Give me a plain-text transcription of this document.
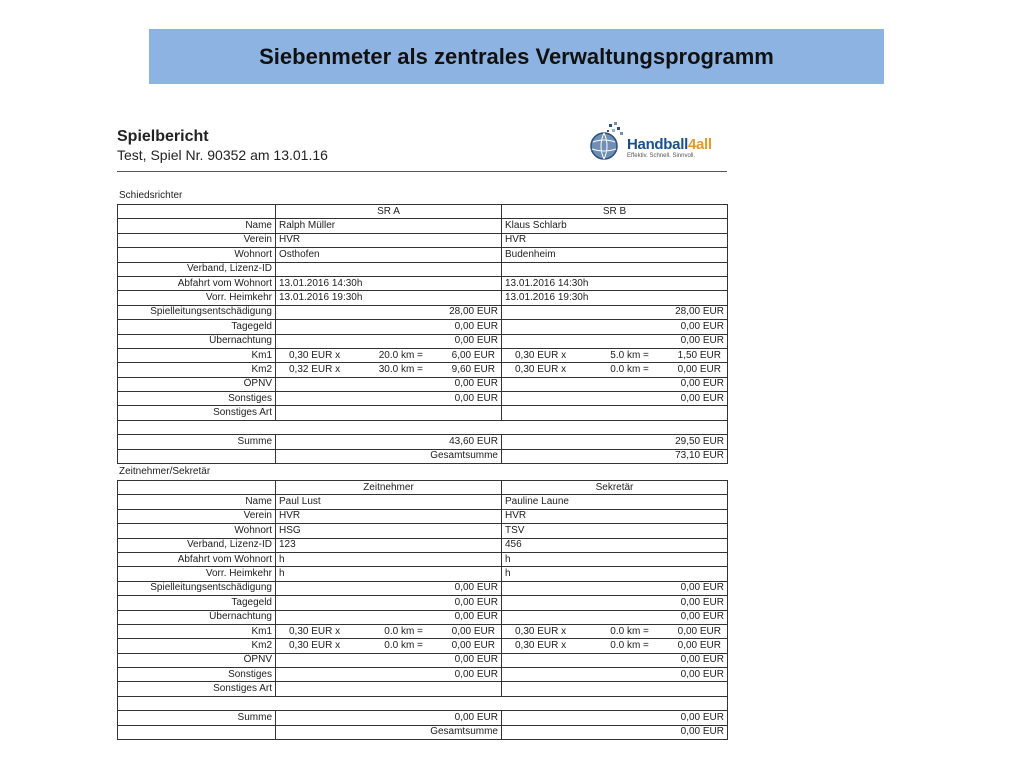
Siebenmeter als zentrales Verwaltungsprogramm
Spielbericht
Test, Spiel Nr. 90352 am 13.01.16
Handball4all
Effektiv. Schnell. Sinnvoll.
Schiedsrichter
	SR A	SR B
Name	Ralph Müller	Klaus Schlarb
Verein	HVR	HVR
Wohnort	Osthofen	Budenheim
Verband, Lizenz-ID		
Abfahrt vom Wohnort	13.01.2016 14:30h	13.01.2016 14:30h
Vorr. Heimkehr	13.01.2016 19:30h	13.01.2016 19:30h
Spielleitungsentschädigung	28,00 EUR	28,00 EUR
Tagegeld	0,00 EUR	0,00 EUR
Übernachtung	0,00 EUR	0,00 EUR
Km1	0,30 EUR x 20.0 km = 6,00 EUR	0,30 EUR x 5.0 km = 1,50 EUR

Km2	0,32 EUR x 30.0 km = 9,60 EUR	0,30 EUR x 0.0 km = 0,00 EUR

ÖPNV	0,00 EUR	0,00 EUR
Sonstiges	0,00 EUR	0,00 EUR
Sonstiges Art		

Summe	43,60 EUR	29,50 EUR
	Gesamtsumme	73,10 EUR
Zeitnehmer/Sekretär
	Zeitnehmer	Sekretär
Name	Paul Lust	Pauline Laune
Verein	HVR	HVR
Wohnort	HSG	TSV
Verband, Lizenz-ID	123	456
Abfahrt vom Wohnort	h	h
Vorr. Heimkehr	h	h
Spielleitungsentschädigung	0,00 EUR	0,00 EUR
Tagegeld	0,00 EUR	0,00 EUR
Übernachtung	0,00 EUR	0,00 EUR
Km1	0,30 EUR x 0.0 km = 0,00 EUR	0,30 EUR x 0.0 km = 0,00 EUR

Km2	0,30 EUR x 0.0 km = 0,00 EUR	0,30 EUR x 0.0 km = 0,00 EUR

ÖPNV	0,00 EUR	0,00 EUR
Sonstiges	0,00 EUR	0,00 EUR
Sonstiges Art		

Summe	0,00 EUR	0,00 EUR
	Gesamtsumme	0,00 EUR
